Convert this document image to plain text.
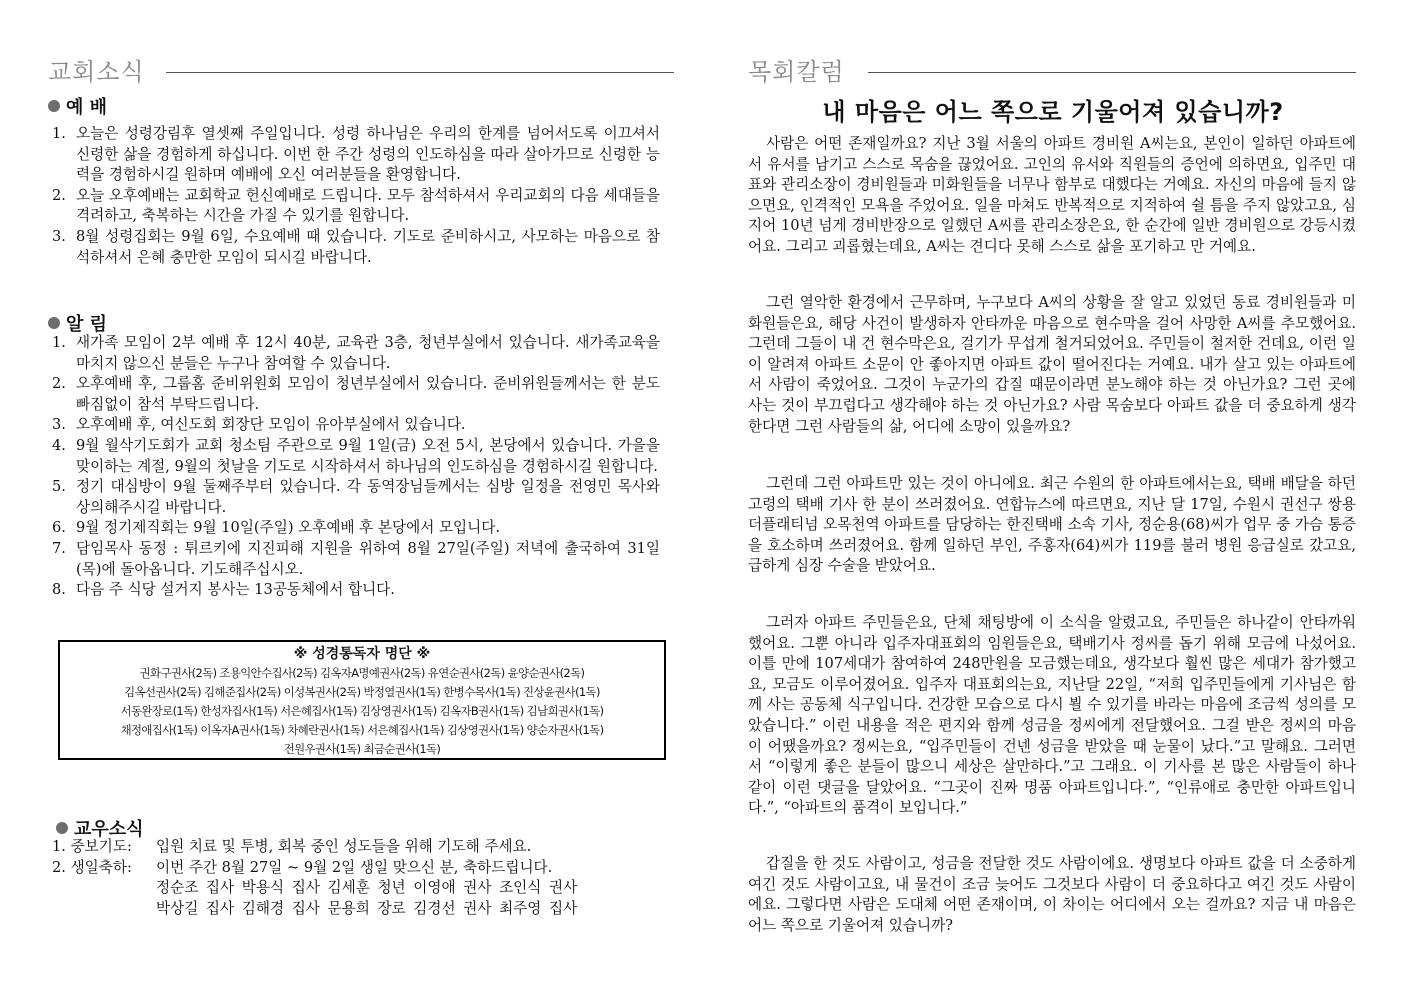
교회소식
예 배
1. 오늘은 성령강림후 열셋째 주일입니다. 성령 하나님은 우리의 한계를 넘어서도록 이끄셔서 신령한 삶을 경험하게 하십니다. 이번 한 주간 성령의 인도하심을 따라 살아가므로 신령한 능력을 경험하시길 원하며 예배에 오신 여러분들을 환영합니다.
2. 오늘 오후예배는 교회학교 헌신예배로 드립니다. 모두 참석하셔서 우리교회의 다음 세대들을 격려하고, 축복하는 시간을 가질 수 있기를 원합니다.
3. 8월 성령집회는 9월 6일, 수요예배 때 있습니다. 기도로 준비하시고, 사모하는 마음으로 참석하셔서 은혜 충만한 모임이 되시길 바랍니다.
알 림
1. 새가족 모임이 2부 예배 후 12시 40분, 교육관 3층, 청년부실에서 있습니다. 새가족교육을 마치지 않으신 분들은 누구나 참여할 수 있습니다.
2. 오후예배 후, 그룹홈 준비위원회 모임이 청년부실에서 있습니다. 준비위원들께서는 한 분도 빠짐없이 참석 부탁드립니다.
3. 오후예배 후, 여신도회 회장단 모임이 유아부실에서 있습니다.
4. 9월 월삭기도회가 교회 청소팀 주관으로 9월 1일(금) 오전 5시, 본당에서 있습니다. 가을을 맞이하는 계절, 9월의 첫날을 기도로 시작하셔서 하나님의 인도하심을 경험하시길 원합니다.
5. 정기 대심방이 9월 둘째주부터 있습니다. 각 동역장님들께서는 심방 일정을 전영민 목사와 상의해주시길 바랍니다.
6. 9월 정기제직회는 9월 10일(주일) 오후예배 후 본당에서 모입니다.
7. 담임목사 동정 : 튀르키에 지진피해 지원을 위하여 8월 27일(주일) 저녁에 출국하여 31일(목)에 돌아옵니다. 기도해주십시오.
8. 다음 주 식당 설거지 봉사는 13공동체에서 합니다.
※ 성경통독자 명단 ※
권화구권사(2독) 조용익안수집사(2독) 김옥자A명예권사(2독) 유연순권사(2독) 윤양순권사(2독)
김옥선권사(2독) 김해준집사(2독) 이성복권사(2독) 박정열권사(1독) 한병수목사(1독) 진상윤권사(1독)
서동완장로(1독) 한성자집사(1독) 서은혜집사(1독) 김상영권사(1독) 김옥자B권사(1독) 김남희권사(1독)
채정애집사(1독) 이옥자A권사(1독) 차혜란권사(1독) 서은혜집사(1독) 김상영권사(1독) 양순자권사(1독)
전원우권사(1독) 최금순권사(1독)
교우소식
1. 중보기도:	입원 치료 및 투병, 회복 중인 성도들을 위해 기도해 주세요.
2. 생일축하:	이번 주간 8월 27일 ~ 9월 2일 생일 맞으신 분, 축하드립니다.
정순조 집사 박용식 집사 김세훈 청년 이영애 권사 조인식 권사
박상길 집사 김해경 집사 문용희 장로 김경선 권사 최주영 집사
목회칼럼
내 마음은 어느 쪽으로 기울어져 있습니까?

사람은 어떤 존재일까요? 지난 3월 서울의 아파트 경비원 A씨는요, 본인이 일하던 아파트에서 유서를 남기고 스스로 목숨을 끊었어요. 고인의 유서와 직원들의 증언에 의하면요, 입주민 대표와 관리소장이 경비원들과 미화원들을 너무나 함부로 대했다는 거예요. 자신의 마음에 들지 않으면요, 인격적인 모욕을 주었어요. 일을 마쳐도 반복적으로 지적하여 쉴 틈을 주지 않았고요, 심지어 10년 넘게 경비반장으로 일했던 A씨를 관리소장은요, 한 순간에 일반 경비원으로 강등시켰어요. 그리고 괴롭혔는데요, A씨는 견디다 못해 스스로 삶을 포기하고 만 거예요.

그런 열악한 환경에서 근무하며, 누구보다 A씨의 상황을 잘 알고 있었던 동료 경비원들과 미화원들은요, 해당 사건이 발생하자 안타까운 마음으로 현수막을 걸어 사망한 A씨를 추모했어요. 그런데 그들이 내 건 현수막은요, 걸기가 무섭게 철거되었어요. 주민들이 철저한 건데요, 이런 일이 알려져 아파트 소문이 안 좋아지면 아파트 값이 떨어진다는 거예요. 내가 살고 있는 아파트에서 사람이 죽었어요. 그것이 누군가의 갑질 때문이라면 분노해야 하는 것 아닌가요? 그런 곳에 사는 것이 부끄럽다고 생각해야 하는 것 아닌가요? 사람 목숨보다 아파트 값을 더 중요하게 생각한다면 그런 사람들의 삶, 어디에 소망이 있을까요?

그런데 그런 아파트만 있는 것이 아니에요. 최근 수원의 한 아파트에서는요, 택배 배달을 하던 고령의 택배 기사 한 분이 쓰러졌어요. 연합뉴스에 따르면요, 지난 달 17일, 수원시 권선구 쌍용 더플래티넘 오목천역 아파트를 담당하는 한진택배 소속 기사, 정순용(68)씨가 업무 중 가슴 통증을 호소하며 쓰러졌어요. 함께 일하던 부인, 주홍자(64)씨가 119를 불러 병원 응급실로 갔고요, 급하게 심장 수술을 받았어요.

그러자 아파트 주민들은요, 단체 채팅방에 이 소식을 알렸고요, 주민들은 하나같이 안타까워했어요. 그뿐 아니라 입주자대표회의 임원들은요, 택배기사 정씨를 돕기 위해 모금에 나섰어요. 이틀 만에 107세대가 참여하여 248만원을 모금했는데요, 생각보다 훨씬 많은 세대가 참가했고요, 모금도 이루어졌어요. 입주자 대표회의는요, 지난달 22일, “저희 입주민들에게 기사님은 함께 사는 공동체 식구입니다. 건강한 모습으로 다시 뵐 수 있기를 바라는 마음에 조금씩 성의를 모았습니다.” 이런 내용을 적은 편지와 함께 성금을 정씨에게 전달했어요. 그걸 받은 정씨의 마음이 어땠을까요? 정씨는요, “입주민들이 건넨 성금을 받았을 때 눈물이 났다.”고 말해요. 그러면서 “이렇게 좋은 분들이 많으니 세상은 살만하다.”고 그래요. 이 기사를 본 많은 사람들이 하나 같이 이런 댓글을 달았어요. “그곳이 진짜 명품 아파트입니다.”, “인류애로 충만한 아파트입니다.”, “아파트의 품격이 보입니다.”

갑질을 한 것도 사람이고, 성금을 전달한 것도 사람이에요. 생명보다 아파트 값을 더 소중하게 여긴 것도 사람이고요, 내 물건이 조금 늦어도 그것보다 사람이 더 중요하다고 여긴 것도 사람이에요. 그렇다면 사람은 도대체 어떤 존재이며, 이 차이는 어디에서 오는 걸까요? 지금 내 마음은 어느 쪽으로 기울어져 있습니까?
